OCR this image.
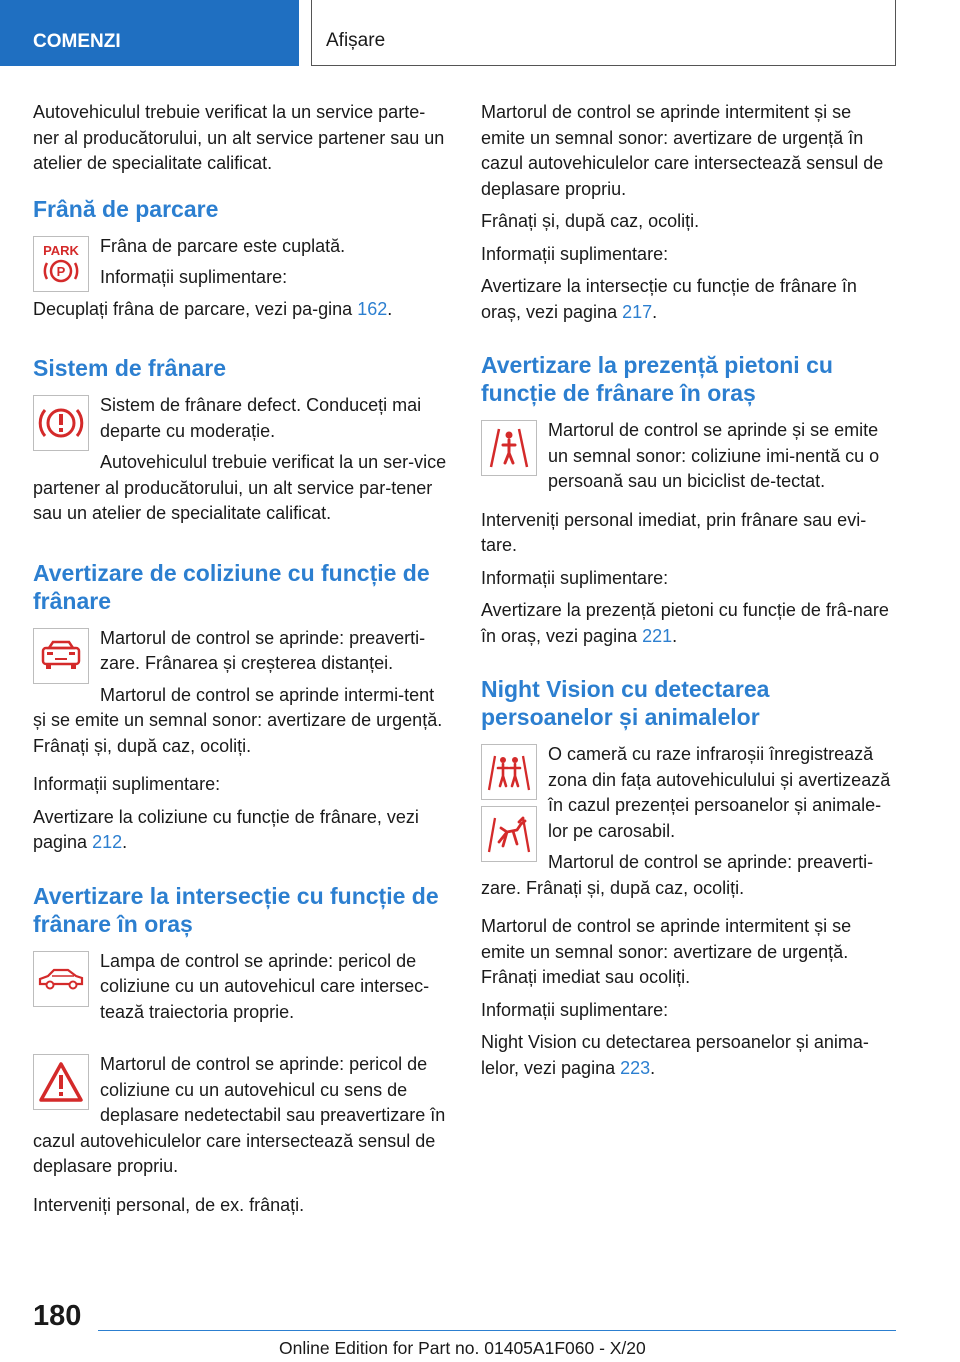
COMENZI	Afișare

Autovehiculul trebuie verificat la un service parte-ner al producătorului, un alt service partener sau un atelier de specialitate calificat.

Frână de parcare
PARK
P

Frâna de parcare este cuplată.

Informații suplimentare:

Decuplați frâna de parcare, vezi pa-gina 162.

Sistem de frânare

Sistem de frânare defect. Conduceți mai departe cu moderație.

Autovehiculul trebuie verificat la un ser-vice partener al producătorului, un alt service par-tener sau un atelier de specialitate calificat.

Avertizare de coliziune cu funcție de frânare

Martorul de control se aprinde: preaverti-zare. Frânarea și creșterea distanței.

Martorul de control se aprinde intermi-tent și se emite un semnal sonor: avertizare de urgență. Frânați și, după caz, ocoliți.

Informații suplimentare:

Avertizare la coliziune cu funcție de frânare, vezi pagina 212.

Avertizare la intersecție cu funcție de frânare în oraș

Lampa de control se aprinde: pericol de coliziune cu un autovehicul care intersec-tează traiectoria proprie.

Martorul de control se aprinde: pericol de coliziune cu un autovehicul cu sens de deplasare nedetectabil sau preavertizare în cazul autovehiculelor care intersectează sensul de deplasare propriu.

Interveniți personal, de ex. frânați.

Martorul de control se aprinde intermitent și se emite un semnal sonor: avertizare de urgență în cazul autovehiculelor care intersectează sensul de deplasare propriu.

Frânați și, după caz, ocoliți.

Informații suplimentare:

Avertizare la intersecție cu funcție de frânare în oraș, vezi pagina 217.

Avertizare la prezență pietoni cu funcție de frânare în oraș

Martorul de control se aprinde și se emite un semnal sonor: coliziune imi-nentă cu o persoană sau un biciclist de-tectat.

Interveniți personal imediat, prin frânare sau evi-tare.

Informații suplimentare:

Avertizare la prezență pietoni cu funcție de frâ-nare în oraș, vezi pagina 221.

Night Vision cu detectarea persoanelor și animalelor

O cameră cu raze infraroșii înregistrează zona din fața autovehiculului și avertizează în cazul prezenței persoanelor și animale-lor pe carosabil.

Martorul de control se aprinde: preaverti-zare. Frânați și, după caz, ocoliți.

Martorul de control se aprinde intermitent și se emite un semnal sonor: avertizare de urgență. Frânați imediat sau ocoliți.

Informații suplimentare:

Night Vision cu detectarea persoanelor și anima-lelor, vezi pagina 223.

180
Online Edition for Part no. 01405A1F060 - X/20
